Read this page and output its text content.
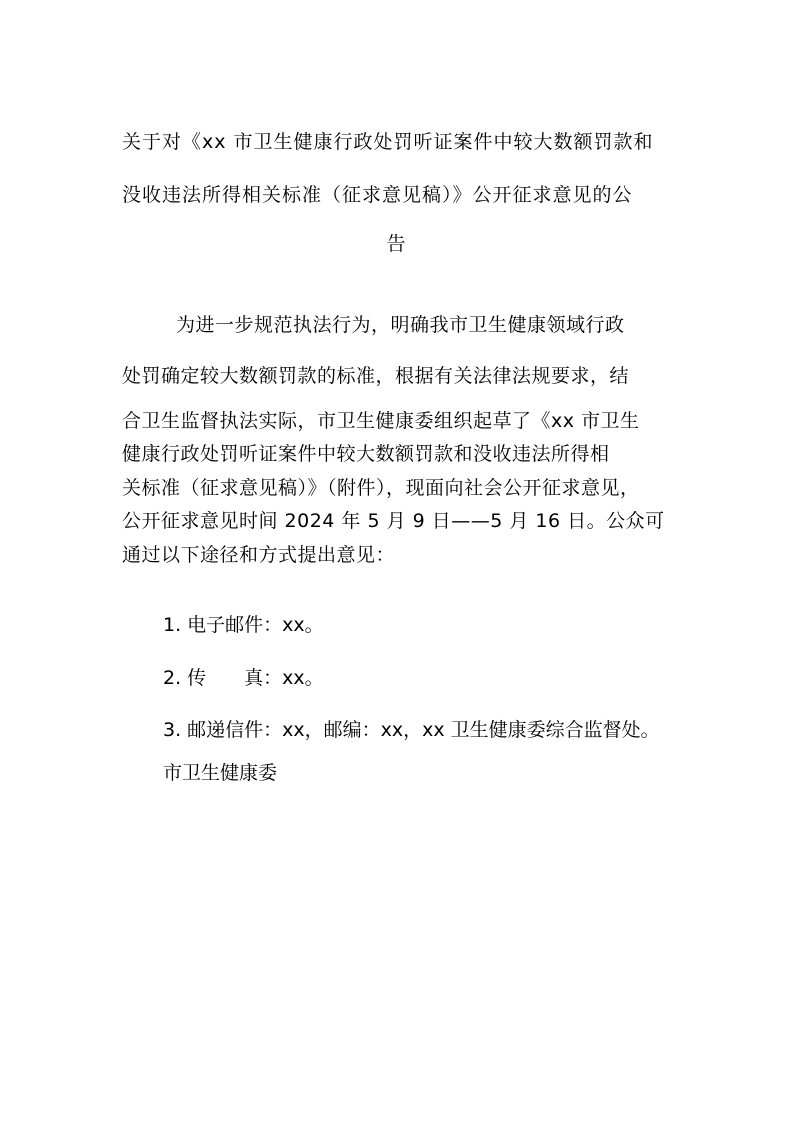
关于对《xx 市卫生健康行政处罚听证案件中较大数额罚款和
没收违法所得相关标准（征求意见稿）》公开征求意见的公
告
为进一步规范执法行为，明确我市卫生健康领域行政
处罚确定较大数额罚款的标准，根据有关法律法规要求，结
合卫生监督执法实际，市卫生健康委组织起草了《xx 市卫生
健康行政处罚听证案件中较大数额罚款和没收违法所得相
关标准（征求意见稿）》（附件），现面向社会公开征求意见，
公开征求意见时间 2024 年 5 月 9 日——5 月 16 日。公众可
通过以下途径和方式提出意见：
1. 电子邮件：xx。
2. 传　　真：xx。
3. 邮递信件：xx，邮编：xx，xx 卫生健康委综合监督处。
市卫生健康委
